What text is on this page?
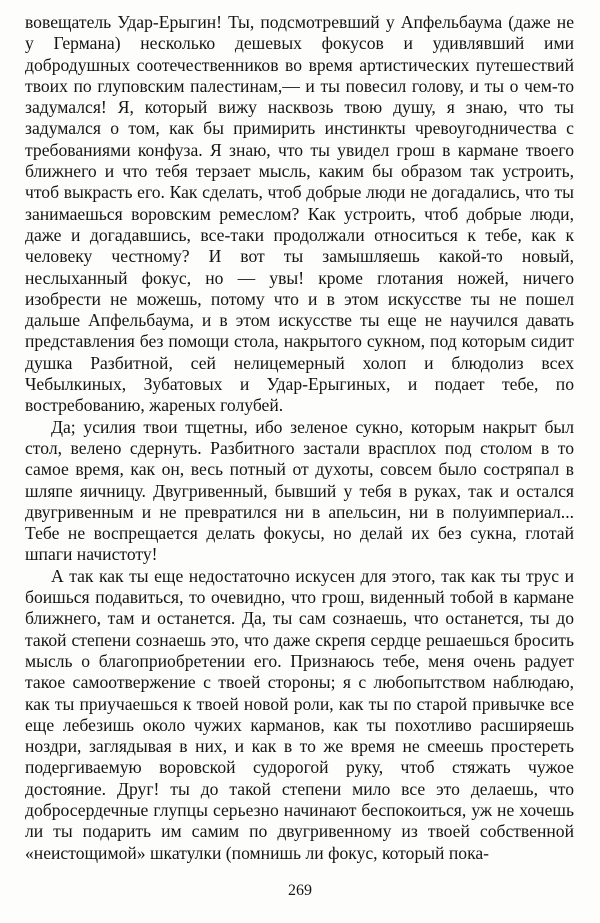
вовещатель Удар-Ерыгин! Ты, подсмотревший у Апфельбаума (даже не у Германа) несколько дешевых фокусов и удивлявший ими добродушных соотечественников во время артистических путешествий твоих по глуповским палестинам,— и ты повесил голову, и ты о чем-то задумался! Я, который вижу насквозь твою душу, я знаю, что ты задумался о том, как бы примирить инстинкты чревоугодничества с требованиями конфуза. Я знаю, что ты увидел грош в кармане твоего ближнего и что тебя терзает мысль, каким бы образом так устроить, чтоб выкрасть его. Как сделать, чтоб добрые люди не догадались, что ты занимаешься воровским ремеслом? Как устроить, чтоб добрые люди, даже и догадавшись, все-таки продолжали относиться к тебе, как к человеку честному? И вот ты замышляешь какой-то новый, неслыханный фокус, но — увы! кроме глотания ножей, ничего изобрести не можешь, потому что и в этом искусстве ты не пошел дальше Апфельбаума, и в этом искусстве ты еще не научился давать представления без помощи стола, накрытого сукном, под которым сидит душка Разбитной, сей нелицемерный холоп и блюдолиз всех Чебылкиных, Зубатовых и Удар-Ерыгиных, и подает тебе, по востребованию, жареных голубей.

Да; усилия твои тщетны, ибо зеленое сукно, которым накрыт был стол, велено сдернуть. Разбитного застали врасплох под столом в то самое время, как он, весь потный от духоты, совсем было состряпал в шляпе яичницу. Двугривенный, бывший у тебя в руках, так и остался двугривенным и не превратился ни в апельсин, ни в полуимпериал... Тебе не воспрещается делать фокусы, но делай их без сукна, глотай шпаги начистоту!

А так как ты еще недостаточно искусен для этого, так как ты трус и боишься подавиться, то очевидно, что грош, виденный тобой в кармане ближнего, там и останется. Да, ты сам сознаешь, что останется, ты до такой степени сознаешь это, что даже скрепя сердце решаешься бросить мысль о благоприобретении его. Признаюсь тебе, меня очень радует такое самоотвержение с твоей стороны; я с любопытством наблюдаю, как ты приучаешься к твоей новой роли, как ты по старой привычке все еще лебезишь около чужих карманов, как ты похотливо расширяешь ноздри, заглядывая в них, и как в то же время не смеешь простереть подергиваемую воровской судорогой руку, чтоб стяжать чужое достояние. Друг! ты до такой степени мило все это делаешь, что добросердечные глупцы серьезно начинают беспокоиться, уж не хочешь ли ты подарить им самим по двугривенному из твоей собственной «неистощимой» шкатулки (помнишь ли фокус, который пока-

269
